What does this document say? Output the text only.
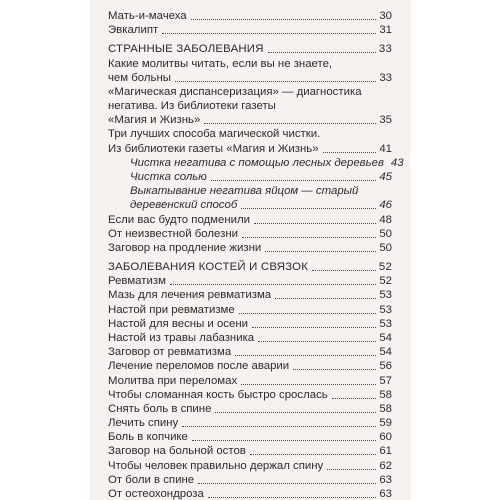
Мать-и-мачеха	30
Эвкалипт	31
СТРАННЫЕ ЗАБОЛЕВАНИЯ	33
Какие молитвы читать, если вы не знаете,
чем больны	33
«Магическая диспансеризация» — диагностика
негатива. Из библиотеки газеты
«Магия и Жизнь»	35
Три лучших способа магической чистки.
Из библиотеки газеты «Магия и Жизнь»	41
Чистка негатива с помощью лесных деревьев 43
Чистка солью	45
Выкатывание негатива яйцом — старый
деревенский способ	46
Если вас будто подменили	48
От неизвестной болезни	50
Заговор на продление жизни	50
ЗАБОЛЕВАНИЯ КОСТЕЙ И СВЯЗОК	52
Ревматизм	52
Мазь для лечения ревматизма	53
Настой при ревматизме	53
Настой для весны и осени	53
Настой из травы лабазника	54
Заговор от ревматизма	54
Лечение переломов после аварии	56
Молитва при переломах	57
Чтобы сломанная кость быстро срослась	58
Снять боль в спине	58
Лечить спину	59
Боль в копчике	60
Заговор на больной остов	61
Чтобы человек правильно держал спину	62
От боли в спине	63
От остеохондроза	63
